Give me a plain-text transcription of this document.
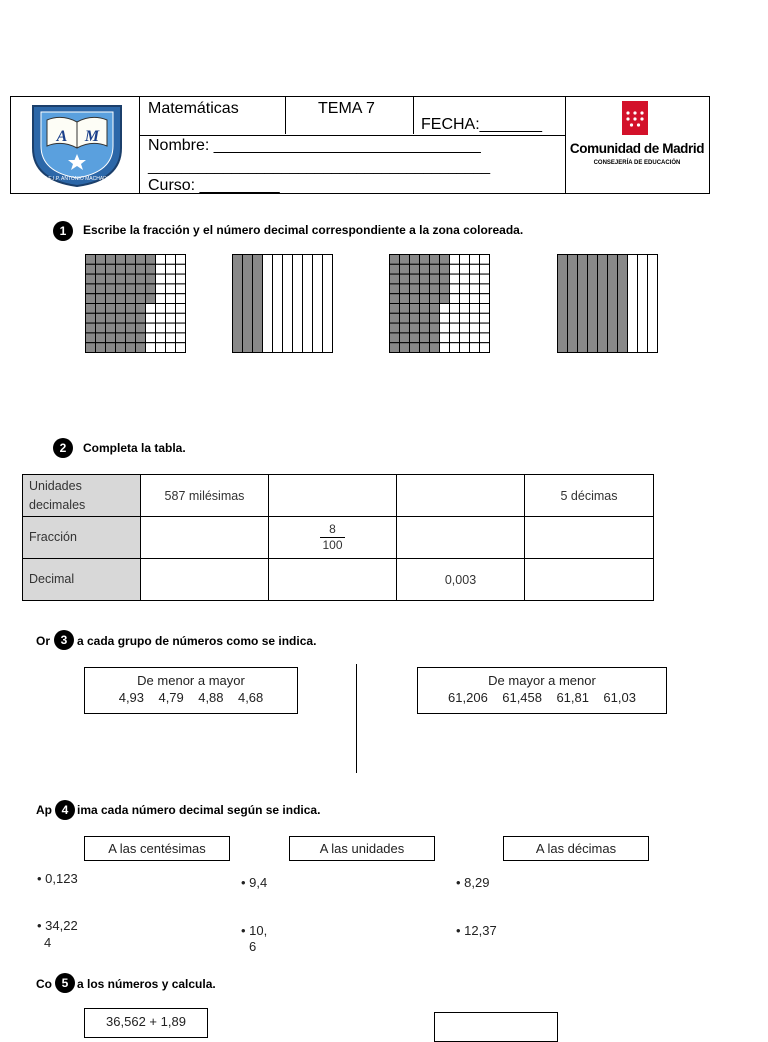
A M
C.E.I.P. ANTONIO MACHADO
Matemáticas	TEMA 7
FECHA:_______
Nombre: ______________________________
_________________________________________
Curso: _________
Comunidad de Madrid
CONSEJERÍA DE EDUCACIÓN
1	Escribe la fracción y el número decimal correspondiente a la zona coloreada.
2	Completa la tabla.
Unidades decimales	587 milésimas			5 décimas
Fracción		$\frac{8}{100}$

Decimal			0,003	
Or 3 a cada grupo de números como se indica.
De menor a mayor
4,93    4,79    4,88    4,68
De mayor a menor
61,206    61,458    61,81    61,03
Ap 4 ima cada número decimal según se indica.
A las centésimas	A las unidades	A las décimas
• 0,123
• 34,22
4
• 9,4
• 10,
6
• 8,29
• 12,37
Co 5 a los números y calcula.
36,562 + 1,89
